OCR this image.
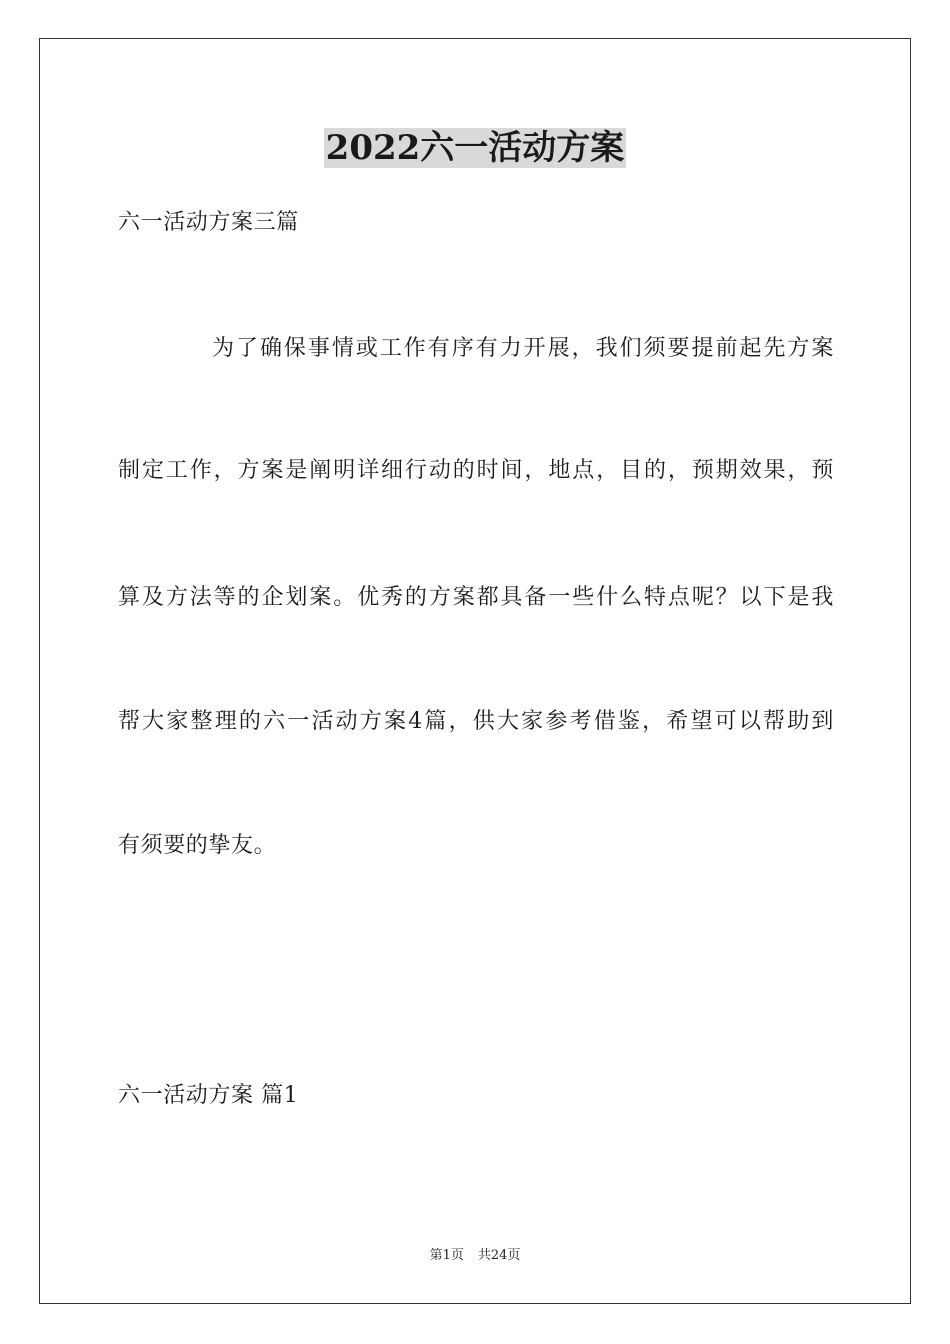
2022六一活动方案
六一活动方案三篇
为了确保事情或工作有序有力开展，我们须要提前起先方案
制定工作，方案是阐明详细行动的时间，地点，目的，预期效果，预
算及方法等的企划案。优秀的方案都具备一些什么特点呢？以下是我
帮大家整理的六一活动方案4篇，供大家参考借鉴，希望可以帮助到
有须要的挚友。
六一活动方案 篇1
第1页 共24页
